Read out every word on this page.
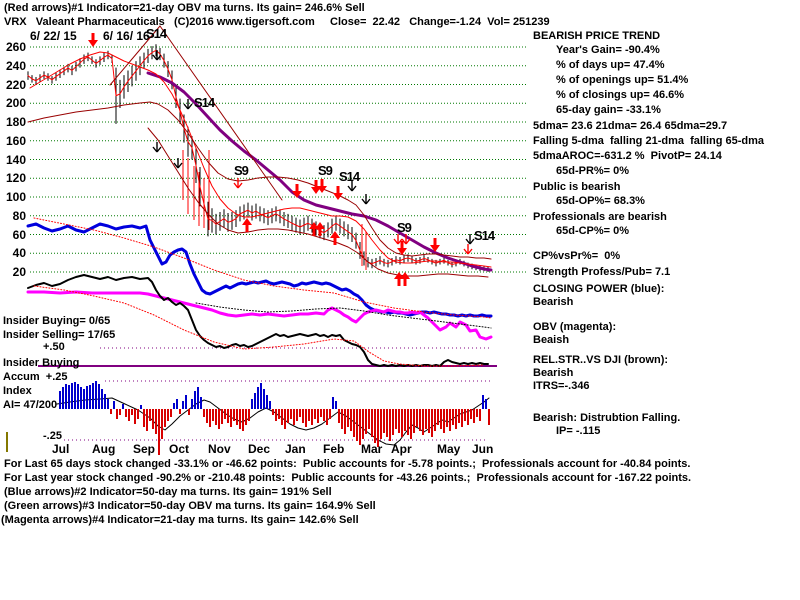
(Red arrows)#1 Indicator=21-day OBV ma turns. Its gain= 246.6% Sell
VRX   Valeant Pharmaceuticals   (C)2016 www.tigersoft.com     Close=  22.42   Change=-1.24  Vol= 251239
6/ 22/ 15 6/ 16/ 16
260
240
220
200
180
160
140
120
100
80
60
40
20
Jul Aug Sep Oct Nov Dec Jan Feb Mar Apr May Jun
S14
S14
S9	S9 S14
S9
S14
BEARISH PRICE TREND
Year's Gain= -90.4%
% of days up= 47.4%
% of openings up= 51.4%
% of closings up= 46.6%
65-day gain= -33.1%
5dma= 23.6 21dma= 26.4 65dma=29.7
Falling 5-dma  falling 21-dma  falling 65-dma
5dmaAROC=-631.2 %  PivotP= 24.14
65d-PR%= 0%
Public is bearish
65d-OP%= 68.3%
Professionals are bearish
65d-CP%= 0%
CP%vsPr%=  0%
Strength Profess/Pub= 7.1
CLOSING POWER (blue):
Bearish
OBV (magenta):
Beaish
REL.STR..VS DJI (brown):
Bearish
ITRS=-.346
Bearish: Distrubtion Falling.
IP= -.115
Insider Buying= 0/65
Insider Selling= 17/65
+.50
Insider Buying
Accum  +.25
Index
AI= 47/200
-.25
For Last 65 days stock changed -33.1% or -46.62 points:  Public accounts for -5.78 points.;  Professionals account for -40.84 points.
For Last year stock changed -90.2% or -210.48 points:  Public accounts for -43.26 points.;  Professionals account for -167.22 points.
(Blue arrows)#2 Indicator=50-day ma turns. Its gain= 191% Sell
(Green arrows)#3 Indicator=50-day OBV ma turns. Its gain= 164.9% Sell
(Magenta arrows)#4 Indicator=21-day ma turns. Its gain= 142.6% Sell
